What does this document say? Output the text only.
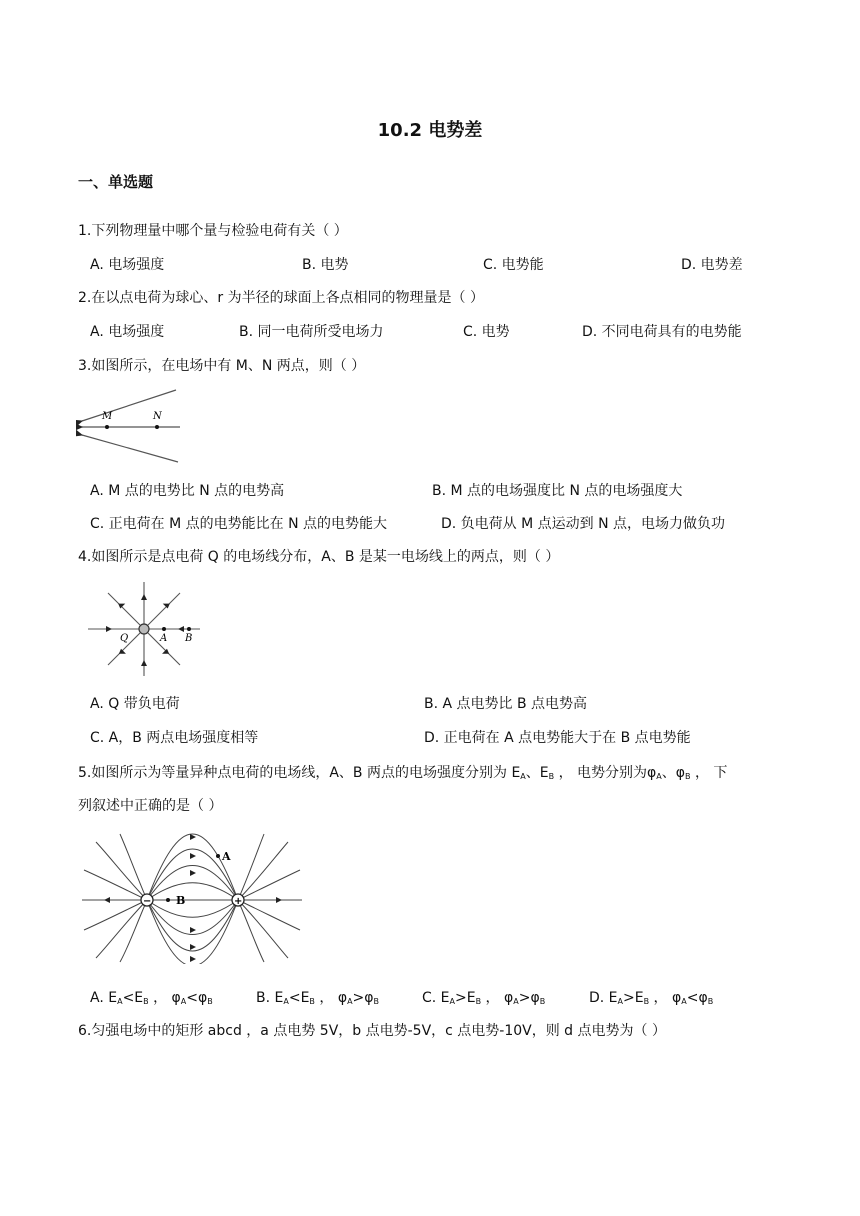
10.2 电势差
一、单选题
1.下列物理量中哪个量与检验电荷有关（ ）
A. 电场强度	B. 电势	C. 电势能	D. 电势差
2.在以点电荷为球心、r 为半径的球面上各点相同的物理量是（ ）
A. 电场强度	B. 同一电荷所受电场力	C. 电势	D. 不同电荷具有的电势能
3.如图所示，在电场中有 M、N 两点，则（ ）
M	N
A. M 点的电势比 N 点的电势高	B. M 点的电场强度比 N 点的电场强度大
C. 正电荷在 M 点的电势能比在 N 点的电势能大	D. 负电荷从 M 点运动到 N 点，电场力做负功
4.如图所示是点电荷 Q 的电场线分布，A、B 是某一电场线上的两点，则（ ）
Q	A B
A. Q 带负电荷	B. A 点电势比 B 点电势高
C. A，B 两点电场强度相等	D. 正电荷在 A 点电势能大于在 B 点电势能
5.如图所示为等量异种点电荷的电场线，A、B 两点的电场强度分别为 $E_A$、$E_B$ ， 电势分别为$\varphi_A$、$\varphi_B$ ， 下
列叙述中正确的是（ ）
−	+
B
A
A. $E_A<E_B$ ， $\varphi_A<\varphi_B$	B. $E_A<E_B$ ， $\varphi_A>\varphi_B$	C. $E_A>E_B$ ， $\varphi_A>\varphi_B$	D. $E_A>E_B$ ， $\varphi_A<\varphi_B$
6.匀强电场中的矩形 abcd ，a 点电势 5V，b 点电势-5V，c 点电势-10V，则 d 点电势为（ ）
